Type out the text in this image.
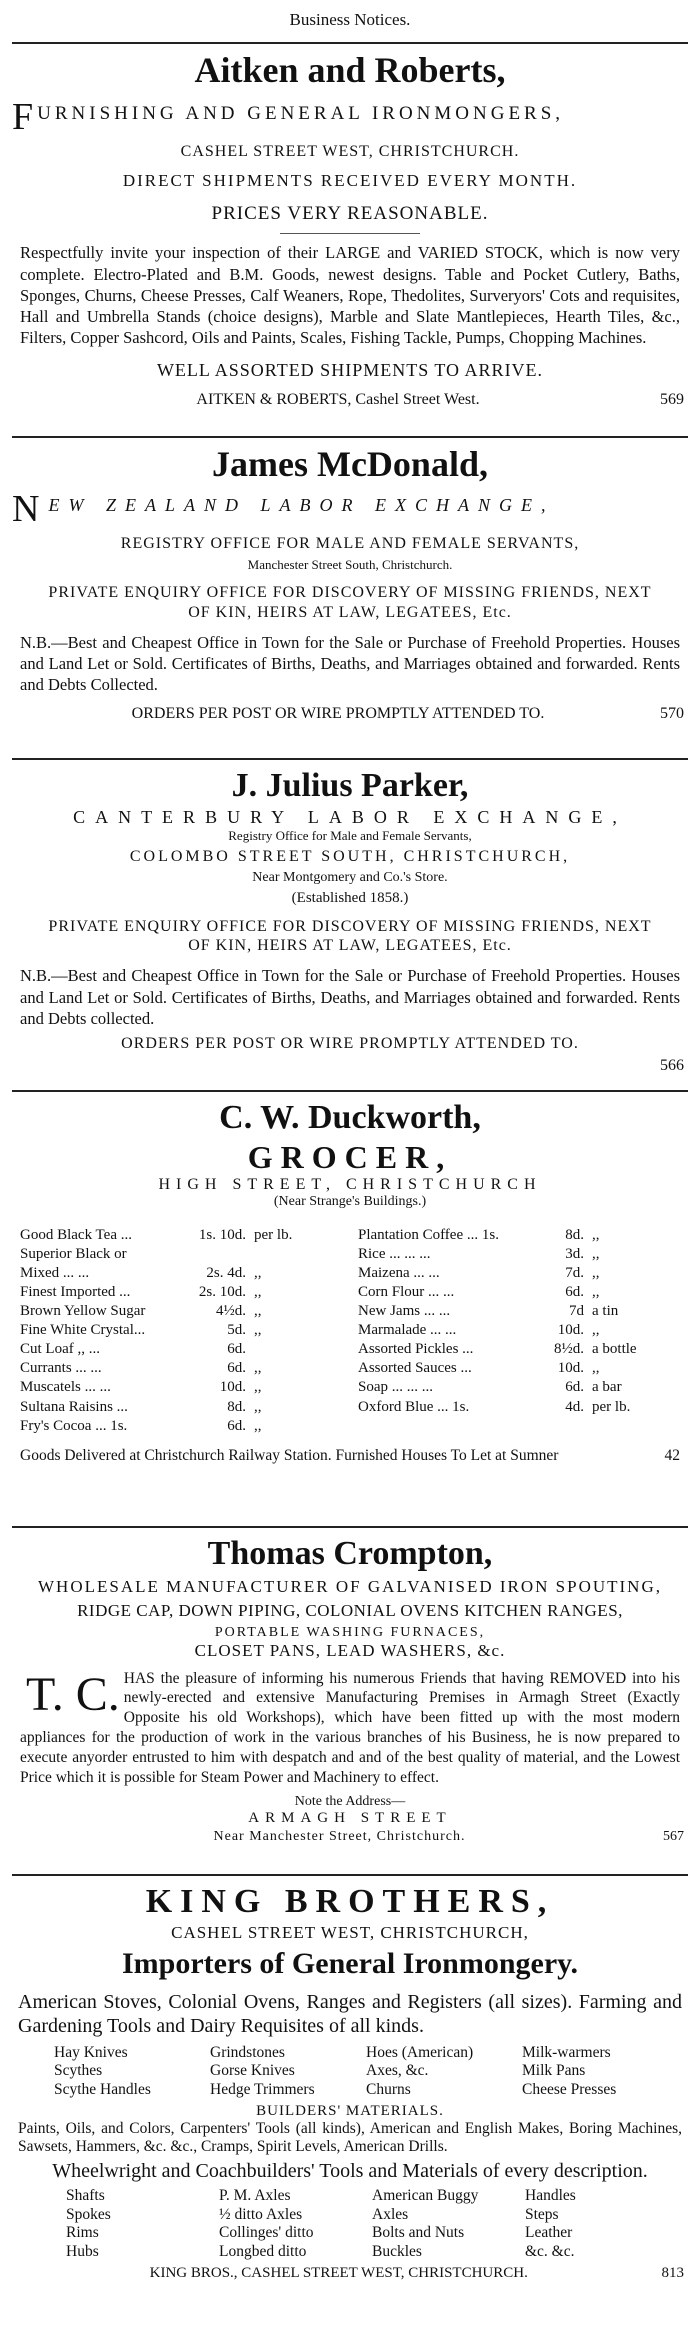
Business Notices.
Aitken and Roberts,
FURNISHING AND GENERAL IRONMONGERS,
CASHEL STREET WEST, CHRISTCHURCH.
DIRECT SHIPMENTS RECEIVED EVERY MONTH.
PRICES VERY REASONABLE.
Respectfully invite your inspection of their LARGE and VARIED STOCK, which is now very complete. Electro-Plated and B.M. Goods, newest designs. Table and Pocket Cutlery, Baths, Sponges, Churns, Cheese Presses, Calf Weaners, Rope, Thedolites, Surveryors' Cots and requisites, Hall and Umbrella Stands (choice designs), Marble and Slate Mantlepieces, Hearth Tiles, &c., Filters, Copper Sashcord, Oils and Paints, Scales, Fishing Tackle, Pumps, Chopping Machines.
WELL ASSORTED SHIPMENTS TO ARRIVE.
AITKEN & ROBERTS, Cashel Street West.	569
James McDonald,
NEW ZEALAND LABOR EXCHANGE,
REGISTRY OFFICE FOR MALE AND FEMALE SERVANTS,
Manchester Street South, Christchurch.
PRIVATE ENQUIRY OFFICE FOR DISCOVERY OF MISSING FRIENDS, NEXT OF KIN, HEIRS AT LAW, LEGATEES, Etc.
N.B.—Best and Cheapest Office in Town for the Sale or Purchase of Freehold Properties. Houses and Land Let or Sold. Certificates of Births, Deaths, and Marriages obtained and forwarded. Rents and Debts Collected.
ORDERS PER POST OR WIRE PROMPTLY ATTENDED TO.	570
J. Julius Parker,
CANTERBURY LABOR EXCHANGE,
Registry Office for Male and Female Servants,
COLOMBO STREET SOUTH, CHRISTCHURCH,
Near Montgomery and Co.'s Store.
(Established 1858.)
PRIVATE ENQUIRY OFFICE FOR DISCOVERY OF MISSING FRIENDS, NEXT OF KIN, HEIRS AT LAW, LEGATEES, Etc.
N.B.—Best and Cheapest Office in Town for the Sale or Purchase of Freehold Properties. Houses and Land Let or Sold. Certificates of Births, Deaths, and Marriages obtained and forwarded. Rents and Debts collected.
ORDERS PER POST OR WIRE PROMPTLY ATTENDED TO.
566
C. W. Duckworth,
GROCER,
HIGH STREET, CHRISTCHURCH
(Near Strange's Buildings.)
Good Black Tea ...	1s. 10d. per lb.
Superior Black or
Mixed ... ...	2s. 4d. ,,
Finest Imported ...	2s. 10d. ,,
Brown Yellow Sugar	4½d. ,,
Fine White Crystal...	5d. ,,
Cut Loaf ,, ...	6d.
Currants ... ...	6d. ,,
Muscatels ... ...	10d. ,,
Sultana Raisins ...	8d. ,,
Fry's Cocoa ... 1s.	6d. ,,
Plantation Coffee ... 1s.	8d. ,,
Rice ... ... ...	3d. ,,
Maizena ... ...	7d. ,,
Corn Flour ... ...	6d. ,,
New Jams ... ...	7d a tin
Marmalade ... ...	10d. ,,
Assorted Pickles ...	8½d. a bottle
Assorted Sauces ...	10d. ,,
Soap ... ... ...	6d. a bar
Oxford Blue ... 1s.	4d. per lb.
Goods Delivered at Christchurch Railway Station. Furnished Houses To Let at Sumner	42
Thomas Crompton,
WHOLESALE MANUFACTURER OF GALVANISED IRON SPOUTING,
RIDGE CAP, DOWN PIPING, COLONIAL OVENS KITCHEN RANGES,
PORTABLE WASHING FURNACES,
CLOSET PANS, LEAD WASHERS, &c.
T. C. HAS the pleasure of informing his numerous Friends that having REMOVED into his newly-erected and extensive Manufacturing Premises in Armagh Street (Exactly Opposite his old Workshops), which have been fitted up with the most modern appliances for the production of work in the various branches of his Business, he is now prepared to execute anyorder entrusted to him with despatch and and of the best quality of material, and the Lowest Price which it is possible for Steam Power and Machinery to effect.
Note the Address—
ARMAGH STREET
Near Manchester Street, Christchurch.	567
KING BROTHERS,
CASHEL STREET WEST, CHRISTCHURCH,
Importers of General Ironmongery.
American Stoves, Colonial Ovens, Ranges and Registers (all sizes). Farming and Gardening Tools and Dairy Requisites of all kinds.
Hay Knives	Grindstones	Hoes (American)	Milk-warmers
Scythes	Gorse Knives	Axes, &c.	Milk Pans
Scythe Handles	Hedge Trimmers	Churns	Cheese Presses
BUILDERS' MATERIALS.
Paints, Oils, and Colors, Carpenters' Tools (all kinds), American and English Makes, Boring Machines, Sawsets, Hammers, &c. &c., Cramps, Spirit Levels, American Drills.
Wheelwright and Coachbuilders' Tools and Materials of every description.
Shafts	P. M. Axles	American Buggy	Handles
Spokes	½ ditto Axles	Axles	Steps
Rims	Collinges' ditto	Bolts and Nuts	Leather
Hubs	Longbed ditto	Buckles	&c. &c.
KING BROS., CASHEL STREET WEST, CHRISTCHURCH.	813
